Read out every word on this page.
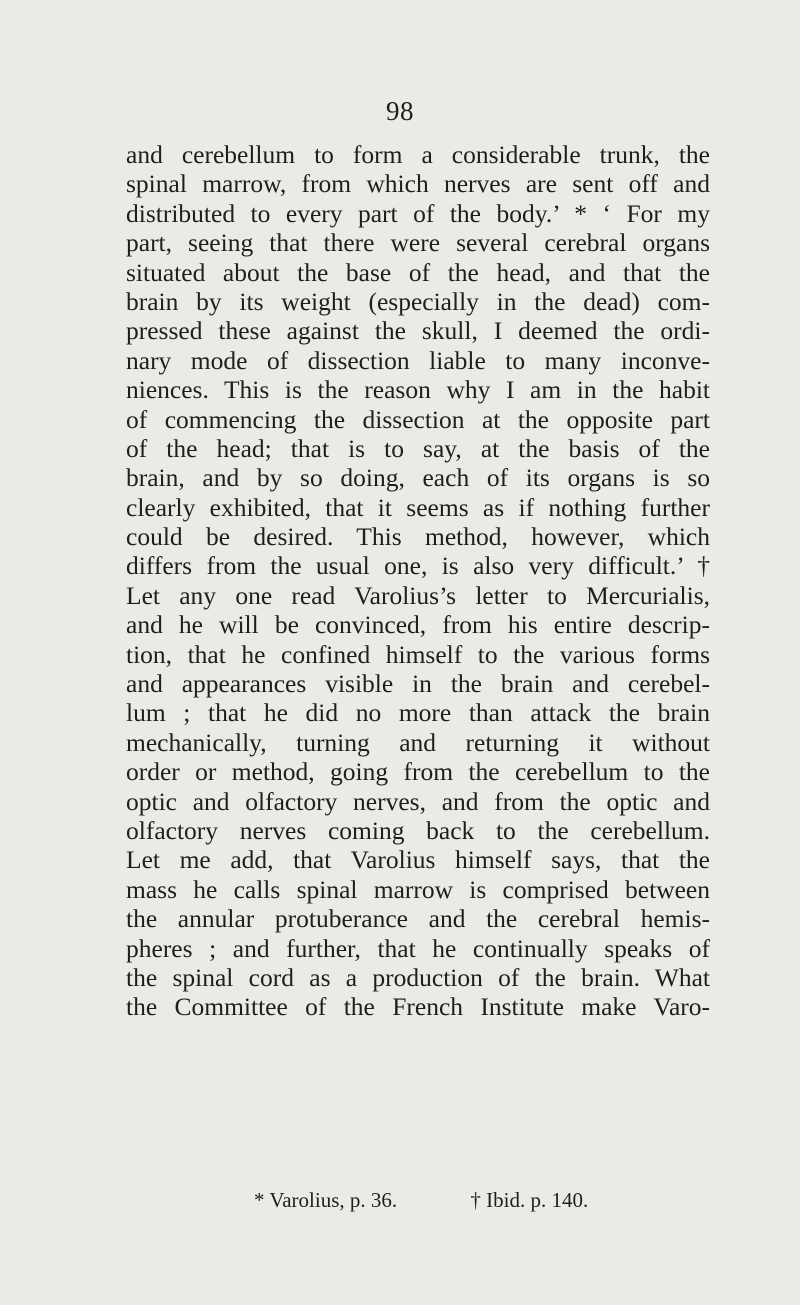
98
and cerebellum to form a considerable trunk, the
spinal marrow, from which nerves are sent off and
distributed to every part of the body.’ * ‘ For my
part, seeing that there were several cerebral organs
situated about the base of the head, and that the
brain by its weight (especially in the dead) com-
pressed these against the skull, I deemed the ordi-
nary mode of dissection liable to many inconve-
niences. This is the reason why I am in the habit
of commencing the dissection at the opposite part
of the head; that is to say, at the basis of the
brain, and by so doing, each of its organs is so
clearly exhibited, that it seems as if nothing further
could be desired. This method, however, which
differs from the usual one, is also very difficult.’ †
Let any one read Varolius’s letter to Mercurialis,
and he will be convinced, from his entire descrip-
tion, that he confined himself to the various forms
and appearances visible in the brain and cerebel-
lum ; that he did no more than attack the brain
mechanically, turning and returning it without
order or method, going from the cerebellum to the
optic and olfactory nerves, and from the optic and
olfactory nerves coming back to the cerebellum.
Let me add, that Varolius himself says, that the
mass he calls spinal marrow is comprised between
the annular protuberance and the cerebral hemis-
pheres ; and further, that he continually speaks of
the spinal cord as a production of the brain. What
the Committee of the French Institute make Varo-
* Varolius, p. 36.	† Ibid. p. 140.
